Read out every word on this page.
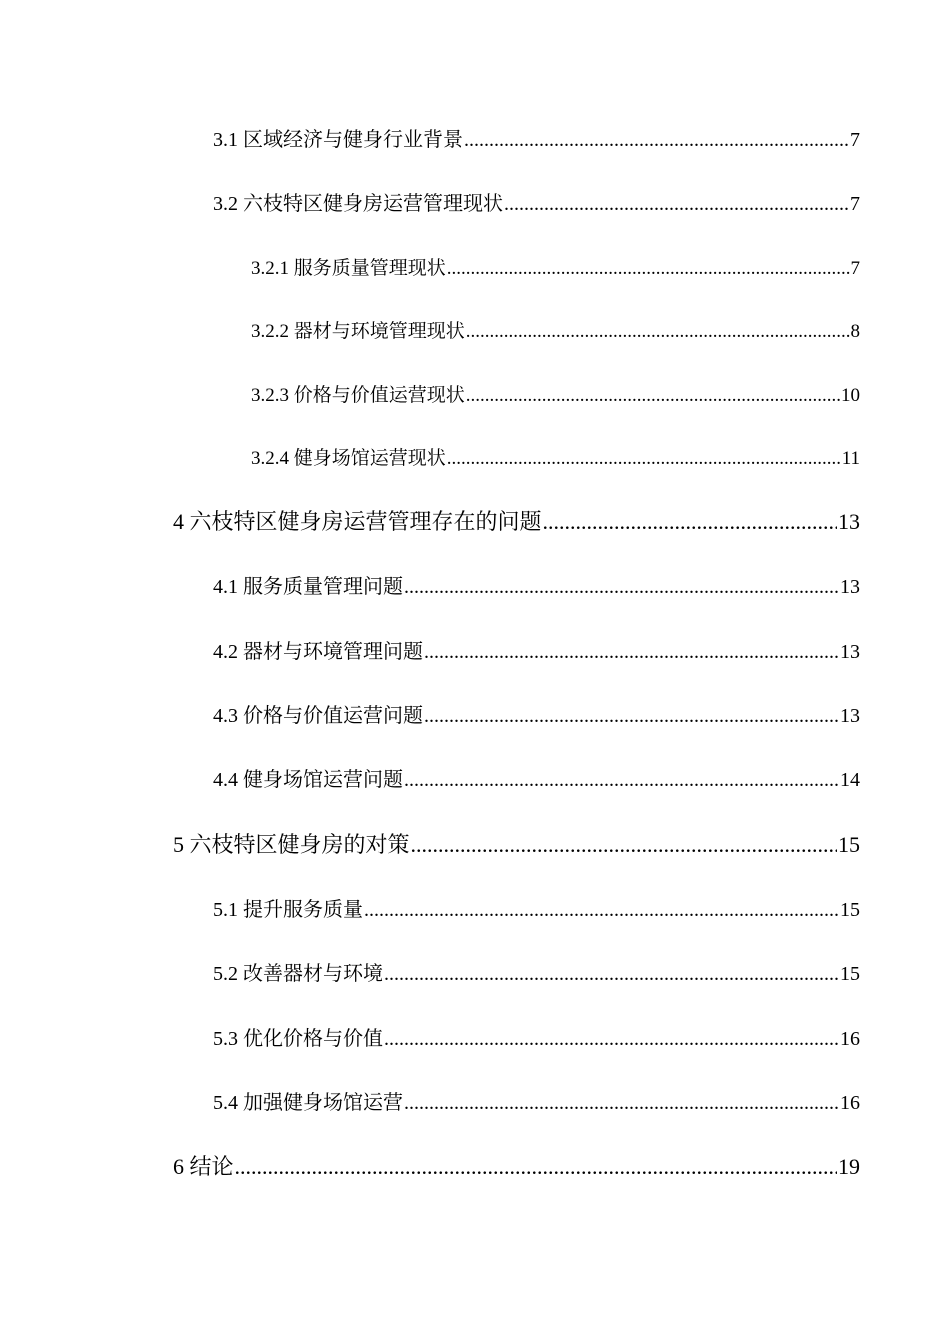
3.1 区域经济与健身行业背景 .....	7
3.2 六枝特区健身房运营管理现状 .....	7
3.2.1 服务质量管理现状 .....	7
3.2.2 器材与环境管理现状 .....	8
3.2.3 价格与价值运营现状 .....	10
3.2.4 健身场馆运营现状 .....	11
4 六枝特区健身房运营管理存在的问题 .....	13
4.1 服务质量管理问题 .....	13
4.2 器材与环境管理问题 .....	13
4.3 价格与价值运营问题 .....	13
4.4 健身场馆运营问题 .....	14
5 六枝特区健身房的对策 .....	15
5.1 提升服务质量 .....	15
5.2 改善器材与环境 .....	15
5.3 优化价格与价值 .....	16
5.4 加强健身场馆运营 .....	16
6 结论 .....	19
